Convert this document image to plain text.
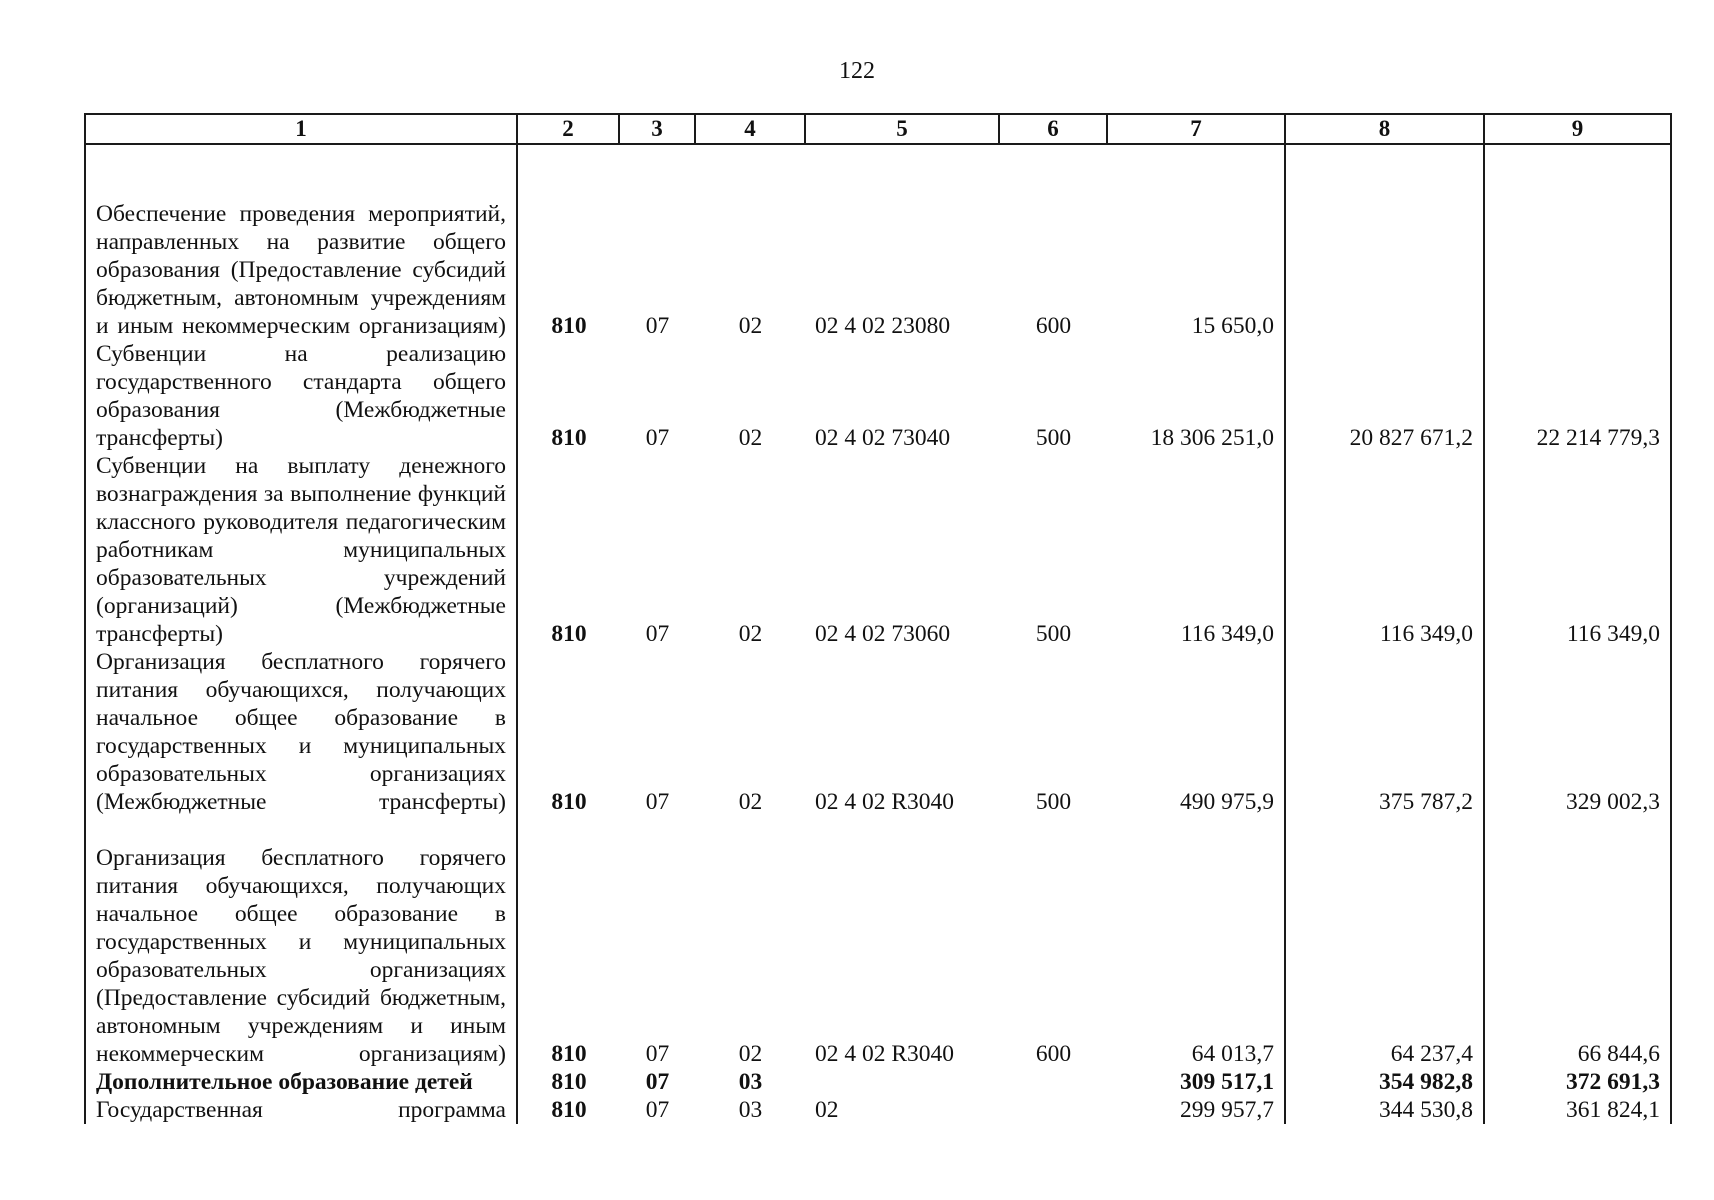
122
1	2	3	4	5	6	7	8	9
Обеспечение проведения мероприятий, направленных на развитие общего образования (Предоставление субсидий бюджетным, автономным учреждениям и иным некоммерческим организациям)	810	07	02	02 4 02 23080	600	15 650,0		
Субвенции на реализацию государственного стандарта общего образования (Межбюджетные трансферты)	810	07	02	02 4 02 73040	500	18 306 251,0	20 827 671,2	22 214 779,3
Субвенции на выплату денежного вознаграждения за выполнение функций классного руководителя педагогическим работникам муниципальных образовательных учреждений (организаций) (Межбюджетные трансферты)	810	07	02	02 4 02 73060	500	116 349,0	116 349,0	116 349,0
Организация бесплатного горячего питания обучающихся, получающих начальное общее образование в государственных и муниципальных образовательных организациях (Межбюджетные трансферты)	810	07	02	02 4 02 R3040	500	490 975,9	375 787,2	329 002,3
Организация бесплатного горячего питания обучающихся, получающих начальное общее образование в государственных и муниципальных образовательных организациях (Предоставление субсидий бюджетным, автономным учреждениям и иным некоммерческим организациям)	810	07	02	02 4 02 R3040	600	64 013,7	64 237,4	66 844,6
Дополнительное образование детей	810	07	03			309 517,1	354 982,8	372 691,3
Государственная программа	810	07	03	02		299 957,7	344 530,8	361 824,1
